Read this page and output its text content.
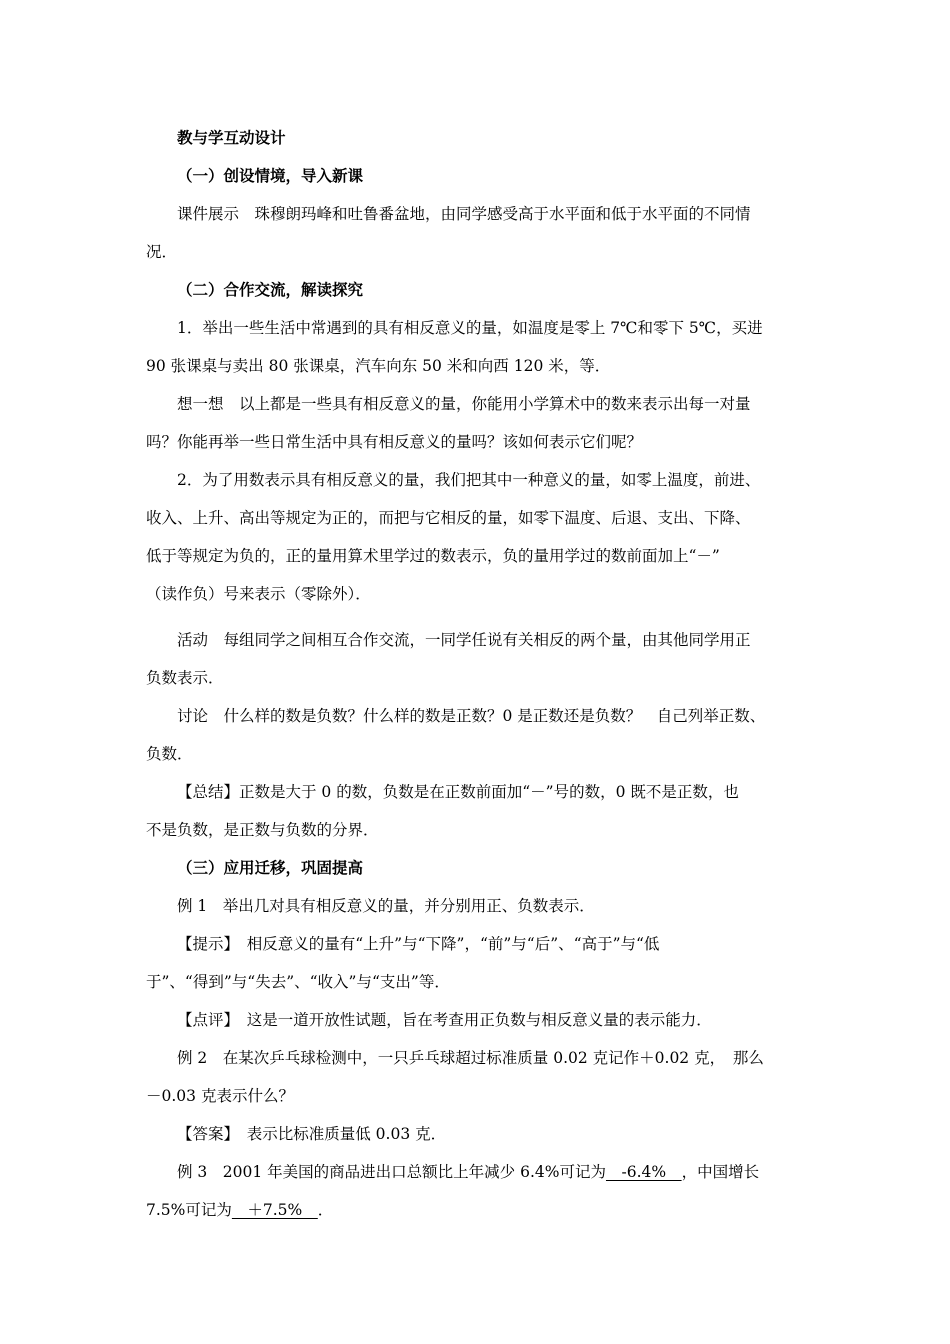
教与学互动设计
（一）创设情境，导入新课
课件展示　珠穆朗玛峰和吐鲁番盆地，由同学感受高于水平面和低于水平面的不同情
况．
（二）合作交流，解读探究
1．举出一些生活中常遇到的具有相反意义的量，如温度是零上 7℃和零下 5℃，买进
90 张课桌与卖出 80 张课桌，汽车向东 50 米和向西 120 米，等．
想一想　以上都是一些具有相反意义的量，你能用小学算术中的数来表示出每一对量
吗？你能再举一些日常生活中具有相反意义的量吗？该如何表示它们呢？
2．为了用数表示具有相反意义的量，我们把其中一种意义的量，如零上温度，前进、
收入、上升、高出等规定为正的，而把与它相反的量，如零下温度、后退、支出、下降、
低于等规定为负的，正的量用算术里学过的数表示，负的量用学过的数前面加上“－”
（读作负）号来表示（零除外）．
活动　每组同学之间相互合作交流，一同学任说有关相反的两个量，由其他同学用正
负数表示．
讨论　什么样的数是负数？什么样的数是正数？0 是正数还是负数？　自己列举正数、
负数．
【总结】正数是大于 0 的数，负数是在正数前面加“－”号的数，0 既不是正数，也
不是负数，是正数与负数的分界．
（三）应用迁移，巩固提高
例 1　举出几对具有相反意义的量，并分别用正、负数表示．
【提示】　相反意义的量有“上升”与“下降”，“前”与“后”、“高于”与“低
于”、“得到”与“失去”、“收入”与“支出”等．
【点评】　这是一道开放性试题，旨在考查用正负数与相反意义量的表示能力．
例 2　在某次乒乓球检测中，一只乒乓球超过标准质量 0.02 克记作＋0.02 克，　那么
－0.03 克表示什么？
【答案】　表示比标准质量低 0.03 克．
例 3　2001 年美国的商品进出口总额比上年减少 6.4%可记为　-6.4%　，中国增长
7.5%可记为　＋7.5%　．
